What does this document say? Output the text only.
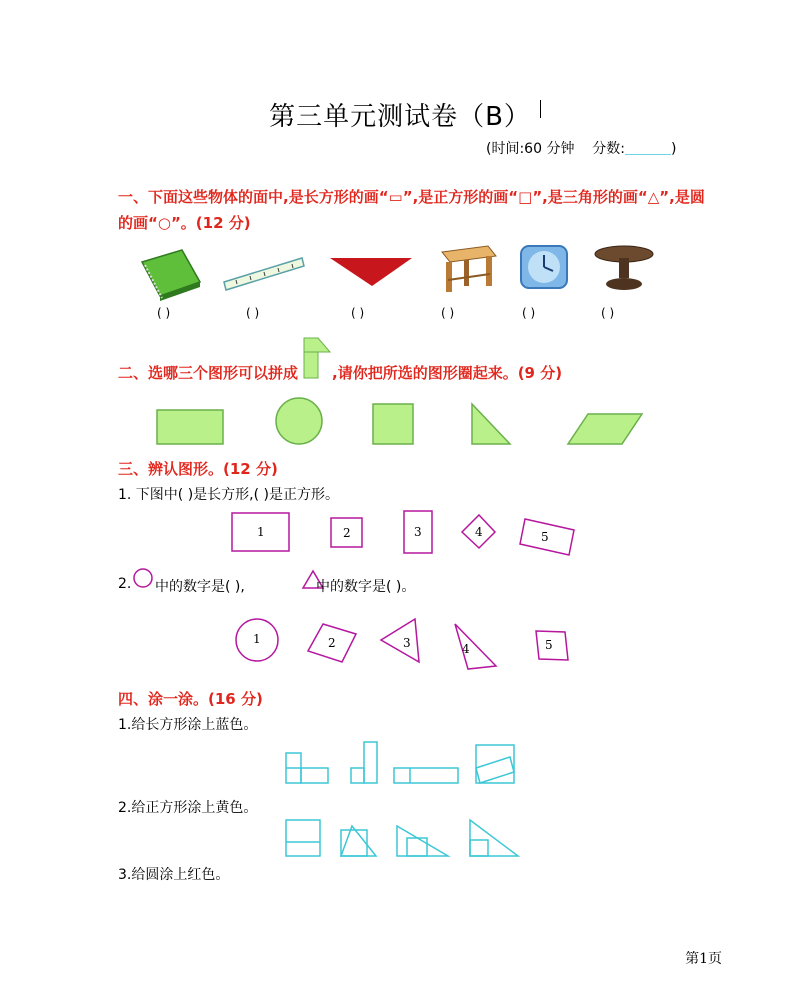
第三单元测试卷（B）
(时间:60 分钟 分数:	)
一、下面这些物体的面中,是长方形的画“▭”,是正方形的画“□”,是三角形的画“△”,是圆
的画“○”。(12 分)
( )	( )	( )	( )	( )	( )
二、选哪三个图形可以拼成 ,请你把所选的图形圈起来。(9 分)
三、辨认图形。(12 分)
1. 下图中( )是长方形,( )是正方形。
1	2	3	4	5
2. 中的数字是( ),	中的数字是( )。
1	2	3	4	5
四、涂一涂。(16 分)
1.给长方形涂上蓝色。
2.给正方形涂上黄色。
3.给圆涂上红色。
第1页
